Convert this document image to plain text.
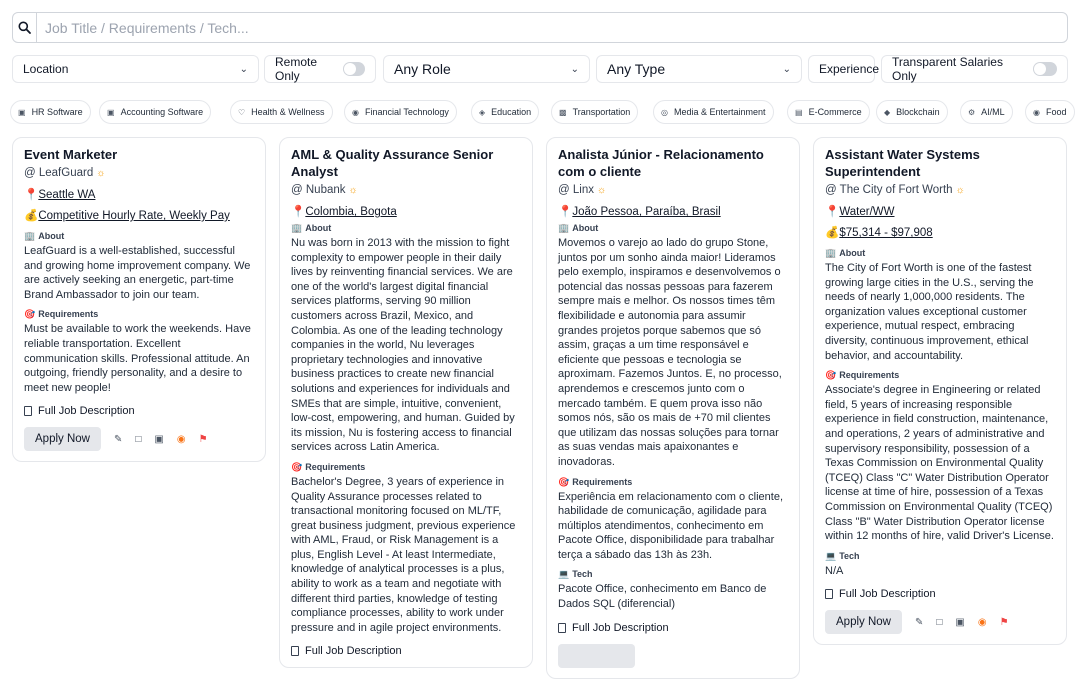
Job Title / Requirements / Tech...
Location	⌄ Remote Only	Any Role	⌄ Any Type	⌄ Experience Transparent Salaries Only
▣ HR Software	▣ Accounting Software	♡ Health & Wellness	◉ Financial Technology	◈ Education	▩ Transportation	◎ Media & Entertainment	▤ E-Commerce	◆ Blockchain	⚙ AI/ML	◉ Food
Event Marketer
@ LeafGuard ☼
📍Seattle WA
💰Competitive Hourly Rate, Weekly Pay
🏢 About
LeafGuard is a well-established, successful and growing home improvement company. We are actively seeking an energetic, part-time Brand Ambassador to join our team.
🎯 Requirements
Must be available to work the weekends. Have reliable transportation. Excellent communication skills. Professional attitude. An outgoing, friendly personality, and a desire to meet new people!
Full Job Description
Apply Now	✎ □ ▣ ◉ ⚑
AML & Quality Assurance Senior Analyst
@ Nubank ☼
📍Colombia, Bogota
🏢 About
Nu was born in 2013 with the mission to fight complexity to empower people in their daily lives by reinventing financial services. We are one of the world's largest digital financial services platforms, serving 90 million customers across Brazil, Mexico, and Colombia. As one of the leading technology companies in the world, Nu leverages proprietary technologies and innovative business practices to create new financial solutions and experiences for individuals and SMEs that are simple, intuitive, convenient, low-cost, empowering, and human. Guided by its mission, Nu is fostering access to financial services across Latin America.
🎯 Requirements
Bachelor's Degree, 3 years of experience in Quality Assurance processes related to transactional monitoring focused on ML/TF, great business judgment, previous experience with AML, Fraud, or Risk Management is a plus, English Level - At least Intermediate, knowledge of analytical processes is a plus, ability to work as a team and negotiate with different third parties, knowledge of testing compliance processes, ability to work under pressure and in agile project environments.
Full Job Description
Analista Júnior - Relacionamento com o cliente
@ Linx ☼
📍João Pessoa, Paraíba, Brasil
🏢 About
Movemos o varejo ao lado do grupo Stone, juntos por um sonho ainda maior! Lideramos pelo exemplo, inspiramos e desenvolvemos o potencial das nossas pessoas para fazerem sempre mais e melhor. Os nossos times têm flexibilidade e autonomia para assumir grandes projetos porque sabemos que só assim, graças a um time responsável e eficiente que pessoas e tecnologia se aproximam. Fazemos Juntos. E, no processo, aprendemos e crescemos junto com o mercado também. E quem prova isso não somos nós, são os mais de +70 mil clientes que utilizam das nossas soluções para tornar as suas vendas mais apaixonantes e inovadoras.
🎯 Requirements
Experiência em relacionamento com o cliente, habilidade de comunicação, agilidade para múltiplos atendimentos, conhecimento em Pacote Office, disponibilidade para trabalhar terça a sábado das 13h às 23h.
💻 Tech
Pacote Office, conhecimento em Banco de Dados SQL (diferencial)
Full Job Description
Assistant Water Systems Superintendent
@ The City of Fort Worth ☼
📍Water/WW
💰$75,314 - $97,908
🏢 About
The City of Fort Worth is one of the fastest growing large cities in the U.S., serving the needs of nearly 1,000,000 residents. The organization values exceptional customer experience, mutual respect, embracing diversity, continuous improvement, ethical behavior, and accountability.
🎯 Requirements
Associate's degree in Engineering or related field, 5 years of increasing responsible experience in field construction, maintenance, and operations, 2 years of administrative and supervisory responsibility, possession of a Texas Commission on Environmental Quality (TCEQ) Class "C" Water Distribution Operator license at time of hire, possession of a Texas Commission on Environmental Quality (TCEQ) Class "B" Water Distribution Operator license within 12 months of hire, valid Driver's License.
💻 Tech
N/A
Full Job Description
Apply Now	✎ □ ▣ ◉ ⚑
